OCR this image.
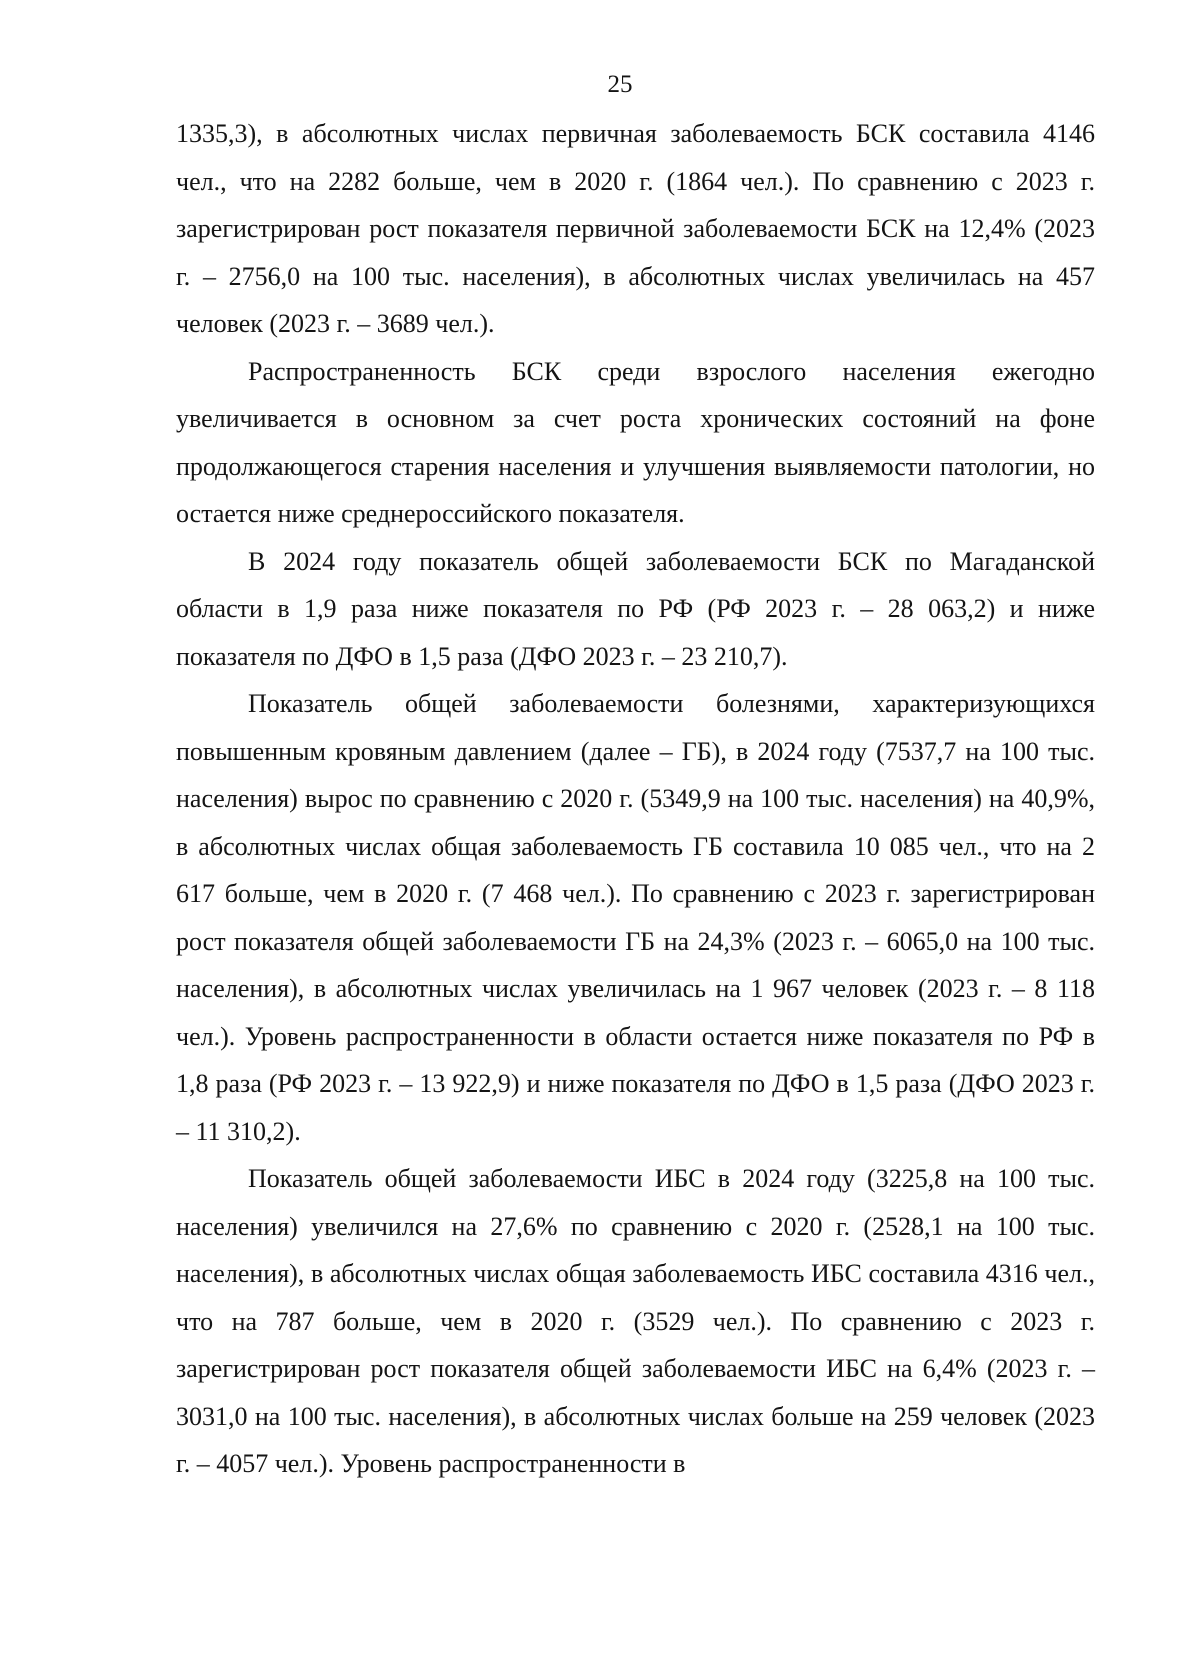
25

1335,3), в абсолютных числах первичная заболеваемость БСК составила 4146 чел., что на 2282 больше, чем в 2020 г. (1864 чел.). По сравнению с 2023 г. зарегистрирован рост показателя первичной заболеваемости БСК на 12,4% (2023 г. – 2756,0 на 100 тыс. населения), в абсолютных числах увеличилась на 457 человек (2023 г. – 3689 чел.).

Распространенность БСК среди взрослого населения ежегодно увеличивается в основном за счет роста хронических состояний на фоне продолжающегося старения населения и улучшения выявляемости патологии, но остается ниже среднероссийского показателя.

В 2024 году показатель общей заболеваемости БСК по Магаданской области в 1,9 раза ниже показателя по РФ (РФ 2023 г. – 28 063,2) и ниже показателя по ДФО в 1,5 раза (ДФО 2023 г. – 23 210,7).

Показатель общей заболеваемости болезнями, характеризующихся повышенным кровяным давлением (далее – ГБ), в 2024 году (7537,7 на 100 тыс. населения) вырос по сравнению с 2020 г. (5349,9 на 100 тыс. населения) на 40,9%, в абсолютных числах общая заболеваемость ГБ составила 10 085 чел., что на 2 617 больше, чем в 2020 г. (7 468 чел.). По сравнению с 2023 г. зарегистрирован рост показателя общей заболеваемости ГБ на 24,3% (2023 г. – 6065,0 на 100 тыс. населения), в абсолютных числах увеличилась на 1 967 человек (2023 г. – 8 118 чел.). Уровень распространенности в области остается ниже показателя по РФ в 1,8 раза (РФ 2023 г. – 13 922,9) и ниже показателя по ДФО в 1,5 раза (ДФО 2023 г. – 11 310,2).

Показатель общей заболеваемости ИБС в 2024 году (3225,8 на 100 тыс. населения) увеличился на 27,6% по сравнению с 2020 г. (2528,1 на 100 тыс. населения), в абсолютных числах общая заболеваемость ИБС составила 4316 чел., что на 787 больше, чем в 2020 г. (3529 чел.). По сравнению с 2023 г. зарегистрирован рост показателя общей заболеваемости ИБС на 6,4% (2023 г. – 3031,0 на 100 тыс. населения), в абсолютных числах больше на 259 человек (2023 г. – 4057 чел.). Уровень распространенности в
